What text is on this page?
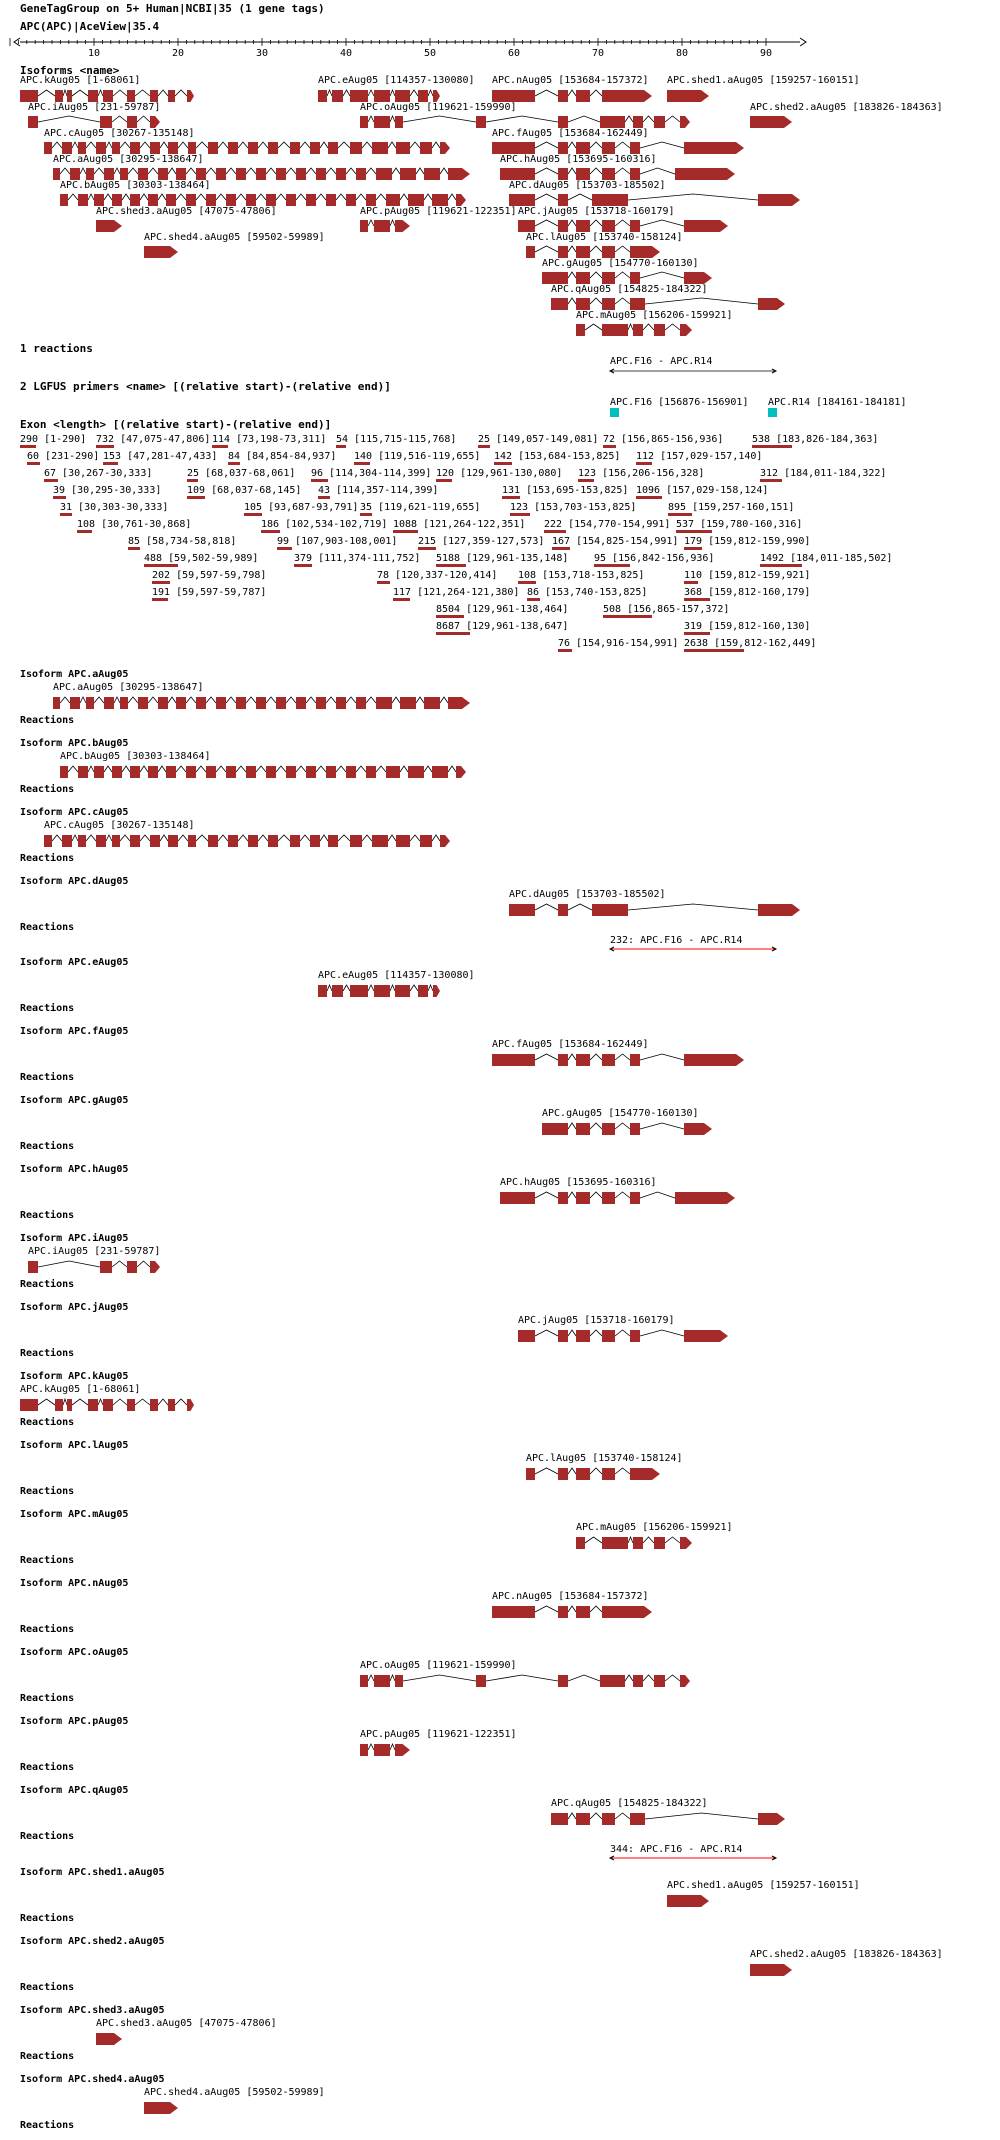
GeneTagGroup on 5+ Human|NCBI|35 (1 gene tags)
APC(APC)|AceView|35.4
10	20	30	40	50	60	70	80	90
Isoforms <name>
APC.kAug05 [1-68061]	APC.eAug05 [114357-130080] APC.nAug05 [153684-157372] APC.shed1.aAug05 [159257-160151]
APC.iAug05 [231-59787]	APC.oAug05 [119621-159990]	APC.shed2.aAug05 [183826-184363]
APC.cAug05 [30267-135148]	APC.fAug05 [153684-162449]
APC.aAug05 [30295-138647]	APC.hAug05 [153695-160316]
APC.bAug05 [30303-138464]	APC.dAug05 [153703-185502]
APC.shed3.aAug05 [47075-47806]	APC.pAug05 [119621-122351] APC.jAug05 [153718-160179]
APC.shed4.aAug05 [59502-59989]	APC.lAug05 [153740-158124]
APC.gAug05 [154770-160130]
APC.qAug05 [154825-184322]
APC.mAug05 [156206-159921]
1 reactions
APC.F16 - APC.R14
2 LGFUS primers <name> [(relative start)-(relative end)]
APC.F16 [156876-156901] APC.R14 [184161-184181]
Exon <length> [(relative start)-(relative end)]
290 [1-290] 732 [47,075-47,806] 114 [73,198-73,311] 54 [115,715-115,768] 25 [149,057-149,081] 72 [156,865-156,936]	538 [183,826-184,363]
60 [231-290] 153 [47,281-47,433] 84 [84,854-84,937] 140 [119,516-119,655] 142 [153,684-153,825] 112 [157,029-157,140]
67 [30,267-30,333]	25 [68,037-68,061] 96 [114,304-114,399] 120 [129,961-130,080] 123 [156,206-156,328]	312 [184,011-184,322]
39 [30,295-30,333]	109 [68,037-68,145] 43 [114,357-114,399]	131 [153,695-153,825] 1096 [157,029-158,124]
31 [30,303-30,333]	105 [93,687-93,791] 35 [119,621-119,655]	123 [153,703-153,825]	895 [159,257-160,151]
108 [30,761-30,868]	186 [102,534-102,719] 1088 [121,264-122,351] 222 [154,770-154,991] 537 [159,780-160,316]
85 [58,734-58,818]	99 [107,903-108,001] 215 [127,359-127,573] 167 [154,825-154,991] 179 [159,812-159,990]
488 [59,502-59,989]	379 [111,374-111,752] 5188 [129,961-135,148]	95 [156,842-156,936]	1492 [184,011-185,502]
202 [59,597-59,798]	78 [120,337-120,414] 108 [153,718-153,825]	110 [159,812-159,921]
191 [59,597-59,787]	117 [121,264-121,380] 86 [153,740-153,825]	368 [159,812-160,179]
8504 [129,961-138,464]	508 [156,865-157,372]
8687 [129,961-138,647]	319 [159,812-160,130]
76 [154,916-154,991] 2638 [159,812-162,449]
Isoform APC.aAug05
APC.aAug05 [30295-138647]
Reactions
Isoform APC.bAug05
APC.bAug05 [30303-138464]
Reactions
Isoform APC.cAug05
APC.cAug05 [30267-135148]
Reactions
Isoform APC.dAug05
APC.dAug05 [153703-185502]
Reactions
232: APC.F16 - APC.R14
Isoform APC.eAug05
APC.eAug05 [114357-130080]
Reactions
Isoform APC.fAug05
APC.fAug05 [153684-162449]
Reactions
Isoform APC.gAug05
APC.gAug05 [154770-160130]
Reactions
Isoform APC.hAug05
APC.hAug05 [153695-160316]
Reactions
Isoform APC.iAug05
APC.iAug05 [231-59787]
Reactions
Isoform APC.jAug05
APC.jAug05 [153718-160179]
Reactions
Isoform APC.kAug05
APC.kAug05 [1-68061]
Reactions
Isoform APC.lAug05
APC.lAug05 [153740-158124]
Reactions
Isoform APC.mAug05
APC.mAug05 [156206-159921]
Reactions
Isoform APC.nAug05
APC.nAug05 [153684-157372]
Reactions
Isoform APC.oAug05
APC.oAug05 [119621-159990]
Reactions
Isoform APC.pAug05
APC.pAug05 [119621-122351]
Reactions
Isoform APC.qAug05
APC.qAug05 [154825-184322]
Reactions
344: APC.F16 - APC.R14
Isoform APC.shed1.aAug05
APC.shed1.aAug05 [159257-160151]
Reactions
Isoform APC.shed2.aAug05
APC.shed2.aAug05 [183826-184363]
Reactions
Isoform APC.shed3.aAug05
APC.shed3.aAug05 [47075-47806]
Reactions
Isoform APC.shed4.aAug05
APC.shed4.aAug05 [59502-59989]
Reactions
